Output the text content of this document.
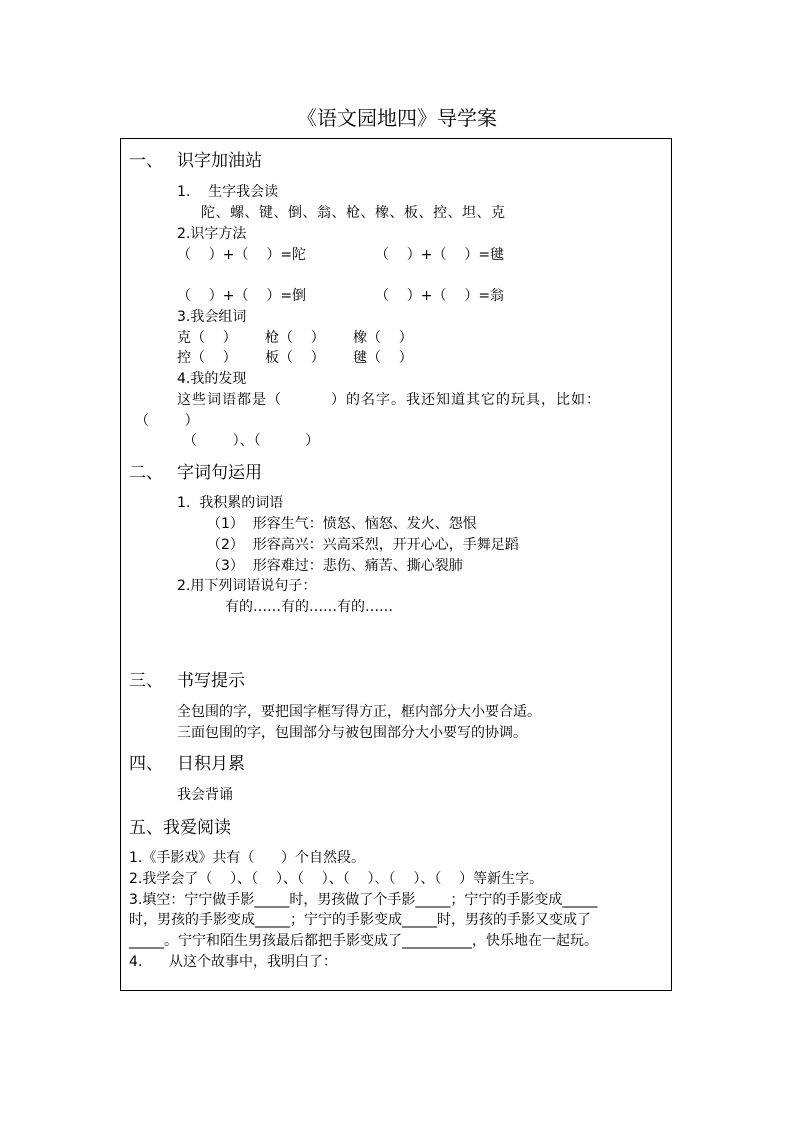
《语文园地四》导学案
一、 识字加油站
1.    生字我会读
陀、螺、键、倒、翁、枪、橡、板、控、坦、克
2.识字方法
（    ）+（    ）=陀	（    ）+（    ）=毽
（    ）+（    ）=倒	（    ）+（    ）=翁
3.我会组词
克（    ） 枪（    ） 橡（    ）
控（    ） 板（    ） 毽（    ）
4.我的发现
这些词语都是（         ）的名字。我还知道其它的玩具，比如：
（        ）
（        ）、（          ）
二、 字词句运用
1.  我积累的词语
（1）  形容生气：愤怒、恼怒、发火、怨恨
（2）  形容高兴：兴高采烈，开开心心，手舞足蹈
（3）  形容难过：悲伤、痛苦、撕心裂肺
2.用下列词语说句子：
有的……有的……有的……
三、 书写提示
全包围的字，要把国字框写得方正，框内部分大小要合适。
三面包围的字，包围部分与被包围部分大小要写的协调。
四、 日积月累
我会背诵
五、我爱阅读
1.《手影戏》共有（      ）个自然段。
2.我学会了（    ）、（    ）、（    ）、（    ）、（    ）、（    ）等新生字。
3.填空：宁宁做手影_____时，男孩做了个手影_____；宁宁的手影变成_____
时，男孩的手影变成_____；宁宁的手影变成_____时，男孩的手影又变成了
_____。宁宁和陌生男孩最后都把手影变成了__________，快乐地在一起玩。
4.      从这个故事中，我明白了：
